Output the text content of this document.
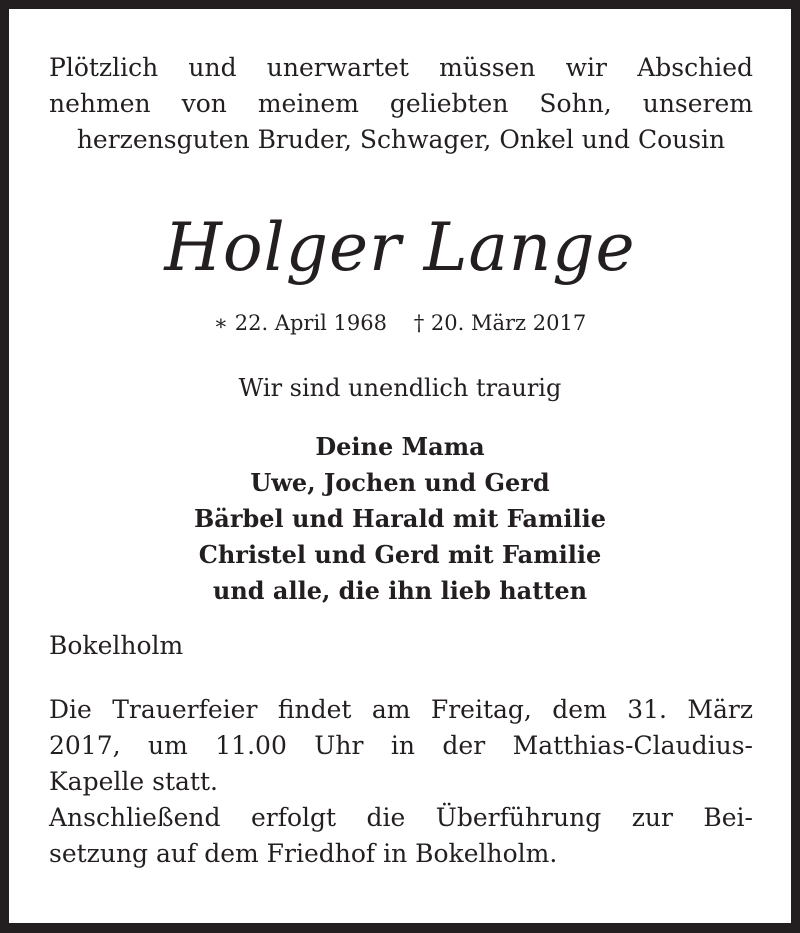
Plötzlich und unerwartet müssen wir Abschied
nehmen von meinem geliebten Sohn, unserem
herzensguten Bruder, Schwager, Onkel und Cousin
Holger Lange
∗ 22. April 1968 † 20. März 2017
Wir sind unendlich traurig
Deine Mama
Uwe, Jochen und Gerd
Bärbel und Harald mit Familie
Christel und Gerd mit Familie
und alle, die ihn lieb hatten
Bokelholm
Die Trauerfeier findet am Freitag, dem 31. März
2017, um 11.00 Uhr in der Matthias-Claudius-
Kapelle statt.
Anschließend erfolgt die Überführung zur Bei-
setzung auf dem Friedhof in Bokelholm.
